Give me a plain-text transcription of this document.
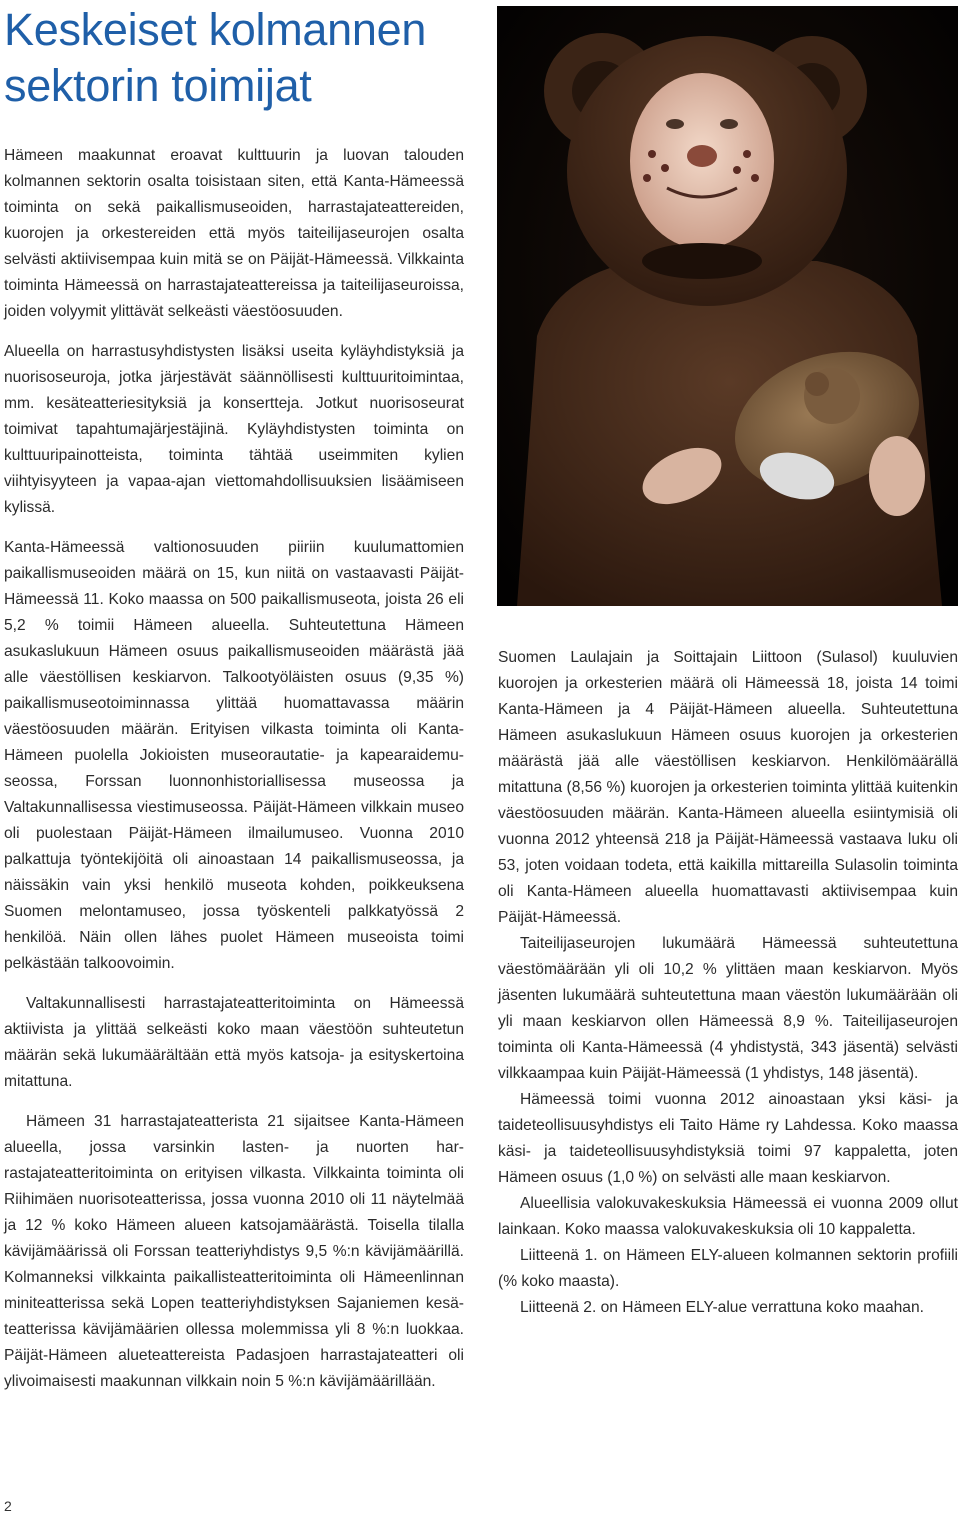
Keskeiset kolmannen
sektorin toimijat

Hämeen maakunnat eroavat kulttuurin ja luovan talouden kolmannen sektorin osalta toisistaan siten, että Kanta-Hämeessä toiminta on sekä paikallismuseoiden, harrastajateattereiden, kuorojen ja orkestereiden että myös taiteilijaseurojen osalta selvästi aktiivisempaa kuin mitä se on Päijät-Hämeessä. Vilkkainta toiminta Hämeessä on harrastajateattereissa ja taiteilijaseuroissa, joiden volyymit ylittävät selkeästi väestöosuuden.

Alueella on harrastusyhdistysten lisäksi useita kyläyhdistyksiä ja nuorisoseuroja, jotka järjestävät säännöllisesti kulttuuritoimintaa, mm. kesäteatteriesityksiä ja konsertteja. Jotkut nuorisoseurat toimivat tapahtumajärjestäjinä. Kyläyhdistysten toiminta on kulttuuripainotteista, toiminta tähtää useimmiten kylien viihtyisyyteen ja vapaa-ajan viettomahdollisuuksien lisäämiseen kylissä.

Kanta-Hämeessä valtionosuuden piiriin kuulumattomien paikallismuseoiden määrä on 15, kun niitä on vastaavasti Päijät-Hämeessä 11. Koko maassa on 500 paikallismuseota, joista 26 eli 5,2 % toimii Hämeen alueella. Suhteutettuna Hämeen asukaslukuun Hämeen osuus paikallismuseoiden määrästä jää alle väestöllisen keskiarvon. Talkootyöläisten osuus (9,35 %) paikallismuseotoiminnassa ylittää huomattavassa määrin väestöosuuden määrän. Erityisen vilkasta toiminta oli Kanta-Hämeen puolella Jokioisten museorautatie- ja kapearaidemuseossa, Forssan luonnonhistoriallisessa museossa ja Valtakunnallisessa viestimuseossa. Päijät-Hämeen vilkkain museo oli puolestaan Päijät-Hämeen ilmailumuseo. Vuonna 2010 palkattuja työntekijöitä oli ainoastaan 14 paikallismuseossa, ja näissäkin vain yksi henkilö museota kohden, poikkeuksena Suomen melontamuseo, jossa työskenteli palkkatyössä 2 henkilöä. Näin ollen lähes puolet Hämeen museoista toimi pelkästään talkoovoimin.

Valtakunnallisesti harrastajateatteritoiminta on Hämeessä aktiivista ja ylittää selkeästi koko maan väestöön suhteutetun määrän sekä lukumäärältään että myös katsoja- ja esityskertoina mitattuna.

Hämeen 31 harrastajateatterista 21 sijaitsee Kanta-Hämeen alueella, jossa varsinkin lasten- ja nuorten harrastajateatteritoiminta on erityisen vilkasta. Vilkkainta toiminta oli Riihimäen nuorisoteatterissa, jossa vuonna 2010 oli 11 näytelmää ja 12 % koko Hämeen alueen katsojamäärästä. Toisella tilalla kävijämäärissä oli Forssan teatteriyhdistys 9,5 %:n kävijämäärillä. Kolmanneksi vilkkainta paikallisteatteritoiminta oli Hämeenlinnan miniteatterissa sekä Lopen teatteriyhdistyksen Sajaniemen kesäteatterissa kävijämäärien ollessa molemmissa yli 8 %:n luokkaa. Päijät-Hämeen alueteattereista Padasjoen harrastajateatteri oli ylivoimaisesti maakunnan vilkkain noin 5 %:n kävijämäärillään.

Suomen Laulajain ja Soittajain Liittoon (Sulasol) kuuluvien kuorojen ja orkesterien määrä oli Hämeessä 18, joista 14 toimi Kanta-Hämeen ja 4 Päijät-Hämeen alueella. Suhteutettuna Hämeen asukaslukuun Hämeen osuus kuorojen ja orkesterien määrästä jää alle väestöllisen keskiarvon. Henkilömäärällä mitattuna (8,56 %) kuorojen ja orkesterien toiminta ylittää kuitenkin väestöosuuden määrän. Kanta-Hämeen alueella esiintymisiä oli vuonna 2012 yhteensä 218 ja Päijät-Hämeessä vastaava luku oli 53, joten voidaan todeta, että kaikilla mittareilla Sulasolin toiminta oli Kanta-Hämeen alueella huomattavasti aktiivisempaa kuin Päijät-Hämeessä.

Taiteilijaseurojen lukumäärä Hämeessä suhteutettuna väestömäärään yli oli 10,2 % ylittäen maan keskiarvon. Myös jäsenten lukumäärä suhteutettuna maan väestön lukumäärään oli yli maan keskiarvon ollen Hämeessä 8,9 %. Taiteilijaseurojen toiminta oli Kanta-Hämeessä (4 yhdistystä, 343 jäsentä) selvästi vilkkaampaa kuin Päijät-Hämeessä (1 yhdistys, 148 jäsentä).

Hämeessä toimi vuonna 2012 ainoastaan yksi käsi- ja taideteollisuusyhdistys eli Taito Häme ry Lahdessa. Koko maassa käsi- ja taideteollisuusyhdistyksiä toimi 97 kappaletta, joten Hämeen osuus (1,0 %) on selvästi alle maan keskiarvon.

Alueellisia valokuvakeskuksia Hämeessä ei vuonna 2009 ollut lainkaan. Koko maassa valokuvakeskuksia oli 10 kappaletta.

Liitteenä 1. on Hämeen ELY-alueen kolmannen sektorin profiili (% koko maasta).

Liitteenä 2. on Hämeen ELY-alue verrattuna koko maahan.

2
